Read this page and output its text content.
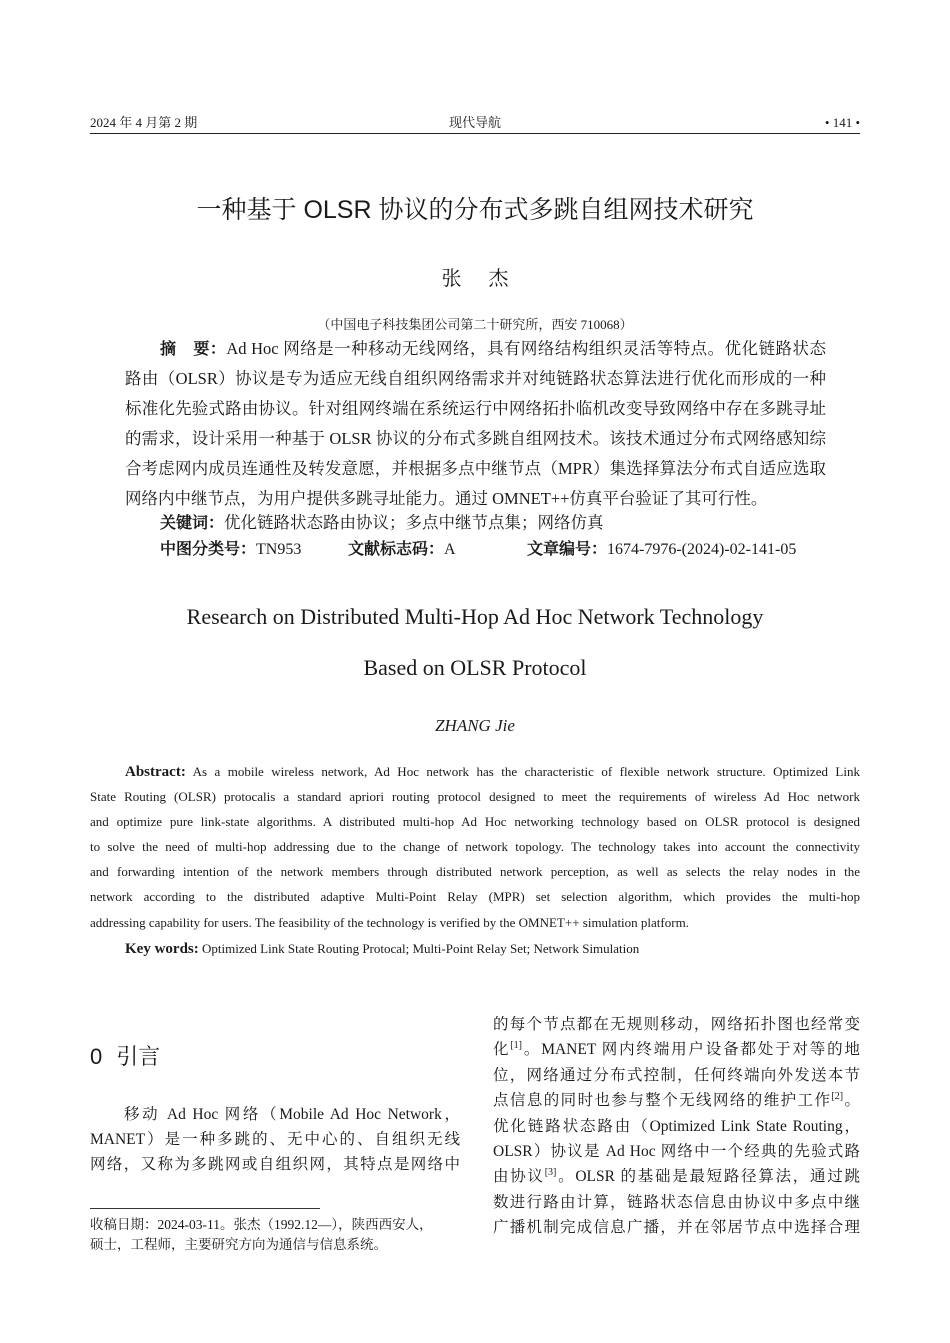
2024 年 4 月第 2 期	现代导航	• 141 •
一种基于 OLSR 协议的分布式多跳自组网技术研究
张 杰
（中国电子科技集团公司第二十研究所，西安 710068）
摘 要：Ad Hoc 网络是一种移动无线网络，具有网络结构组织灵活等特点。优化链路状态
路由（OLSR）协议是专为适应无线自组织网络需求并对纯链路状态算法进行优化而形成的一种
标准化先验式路由协议。针对组网终端在系统运行中网络拓扑临机改变导致网络中存在多跳寻址
的需求，设计采用一种基于 OLSR 协议的分布式多跳自组网技术。该技术通过分布式网络感知综
合考虑网内成员连通性及转发意愿，并根据多点中继节点（MPR）集选择算法分布式自适应选取
网络内中继节点，为用户提供多跳寻址能力。通过 OMNET++仿真平台验证了其可行性。
关键词：优化链路状态路由协议；多点中继节点集；网络仿真
中图分类号：TN953	文献标志码：A	文章编号：1674-7976-(2024)-02-141-05
Research on Distributed Multi-Hop Ad Hoc Network Technology
Based on OLSR Protocol
ZHANG Jie
Abstract: As a mobile wireless network, Ad Hoc network has the characteristic of flexible network structure. Optimized Link
State Routing (OLSR) protocalis a standard apriori routing protocol designed to meet the requirements of wireless Ad Hoc network
and optimize pure link-state algorithms. A distributed multi-hop Ad Hoc networking technology based on OLSR protocol is designed
to solve the need of multi-hop addressing due to the change of network topology. The technology takes into account the connectivity
and forwarding intention of the network members through distributed network perception, as well as selects the relay nodes in the
network according to the distributed adaptive Multi-Point Relay (MPR) set selection algorithm, which provides the multi-hop
addressing capability for users. The feasibility of the technology is verified by the OMNET++ simulation platform.
Key words: Optimized Link State Routing Protocal; Multi-Point Relay Set; Network Simulation
0 引言
移动 Ad Hoc 网络（Mobile Ad Hoc Network，
MANET）是一种多跳的、无中心的、自组织无线
网络，又称为多跳网或自组织网，其特点是网络中
收稿日期：2024-03-11。张杰（1992.12—），陕西西安人，
硕士，工程师，主要研究方向为通信与信息系统。
的每个节点都在无规则移动，网络拓扑图也经常变
化[1]。MANET 网内终端用户设备都处于对等的地
位，网络通过分布式控制，任何终端向外发送本节
点信息的同时也参与整个无线网络的维护工作[2]。
优化链路状态路由（Optimized Link State Routing，
OLSR）协议是 Ad Hoc 网络中一个经典的先验式路
由协议[3]。OLSR 的基础是最短路径算法，通过跳
数进行路由计算，链路状态信息由协议中多点中继
广播机制完成信息广播，并在邻居节点中选择合理
